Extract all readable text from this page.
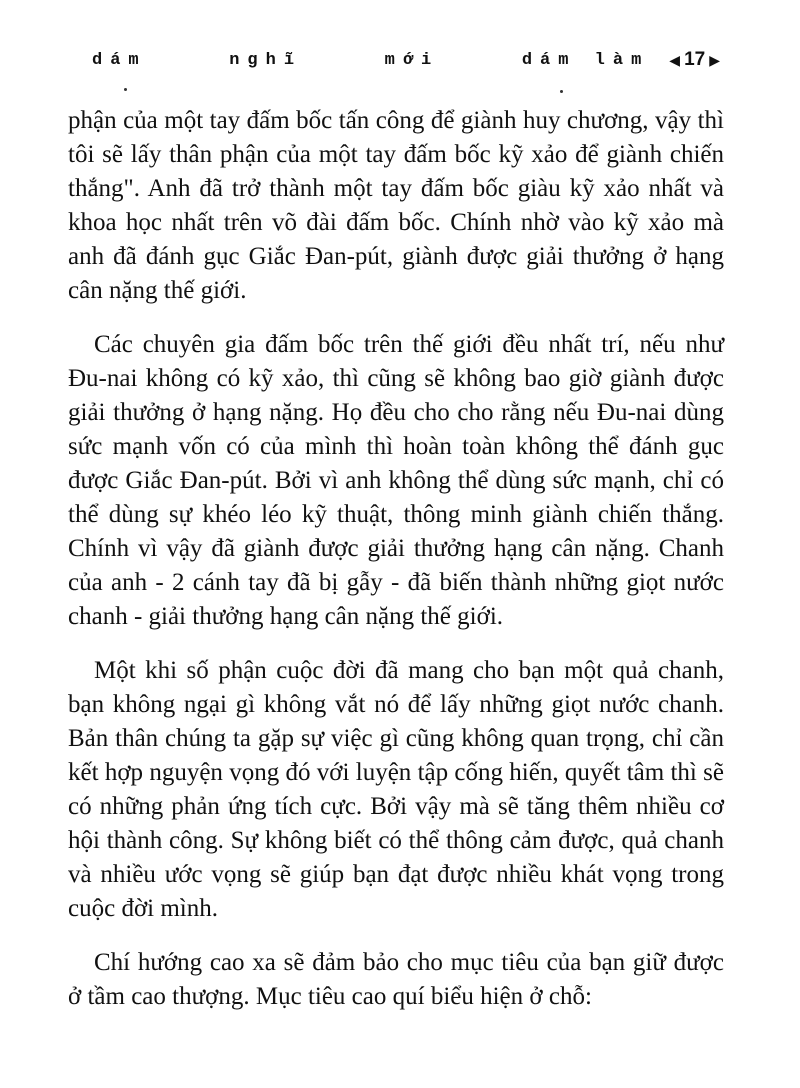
dám	nghĩ	mới	dám làm ◀ 17 ▶

phận của một tay đấm bốc tấn công để giành huy chương, vậy thì tôi sẽ lấy thân phận của một tay đấm bốc kỹ xảo để giành chiến thắng". Anh đã trở thành một tay đấm bốc giàu kỹ xảo nhất và khoa học nhất trên võ đài đấm bốc. Chính nhờ vào kỹ xảo mà anh đã đánh gục Giắc Đan-pút, giành được giải thưởng ở hạng cân nặng thế giới.

Các chuyên gia đấm bốc trên thế giới đều nhất trí, nếu như Đu-nai không có kỹ xảo, thì cũng sẽ không bao giờ giành được giải thưởng ở hạng nặng. Họ đều cho cho rằng nếu Đu-nai dùng sức mạnh vốn có của mình thì hoàn toàn không thể đánh gục được Giắc Đan-pút. Bởi vì anh không thể dùng sức mạnh, chỉ có thể dùng sự khéo léo kỹ thuật, thông minh giành chiến thắng. Chính vì vậy đã giành được giải thưởng hạng cân nặng. Chanh của anh - 2 cánh tay đã bị gẫy - đã biến thành những giọt nước chanh - giải thưởng hạng cân nặng thế giới.

Một khi số phận cuộc đời đã mang cho bạn một quả chanh, bạn không ngại gì không vắt nó để lấy những giọt nước chanh. Bản thân chúng ta gặp sự việc gì cũng không quan trọng, chỉ cần kết hợp nguyện vọng đó với luyện tập cống hiến, quyết tâm thì sẽ có những phản ứng tích cực. Bởi vậy mà sẽ tăng thêm nhiều cơ hội thành công. Sự không biết có thể thông cảm được, quả chanh và nhiều ước vọng sẽ giúp bạn đạt được nhiều khát vọng trong cuộc đời mình.

Chí hướng cao xa sẽ đảm bảo cho mục tiêu của bạn giữ được ở tầm cao thượng. Mục tiêu cao quí biểu hiện ở chỗ:
